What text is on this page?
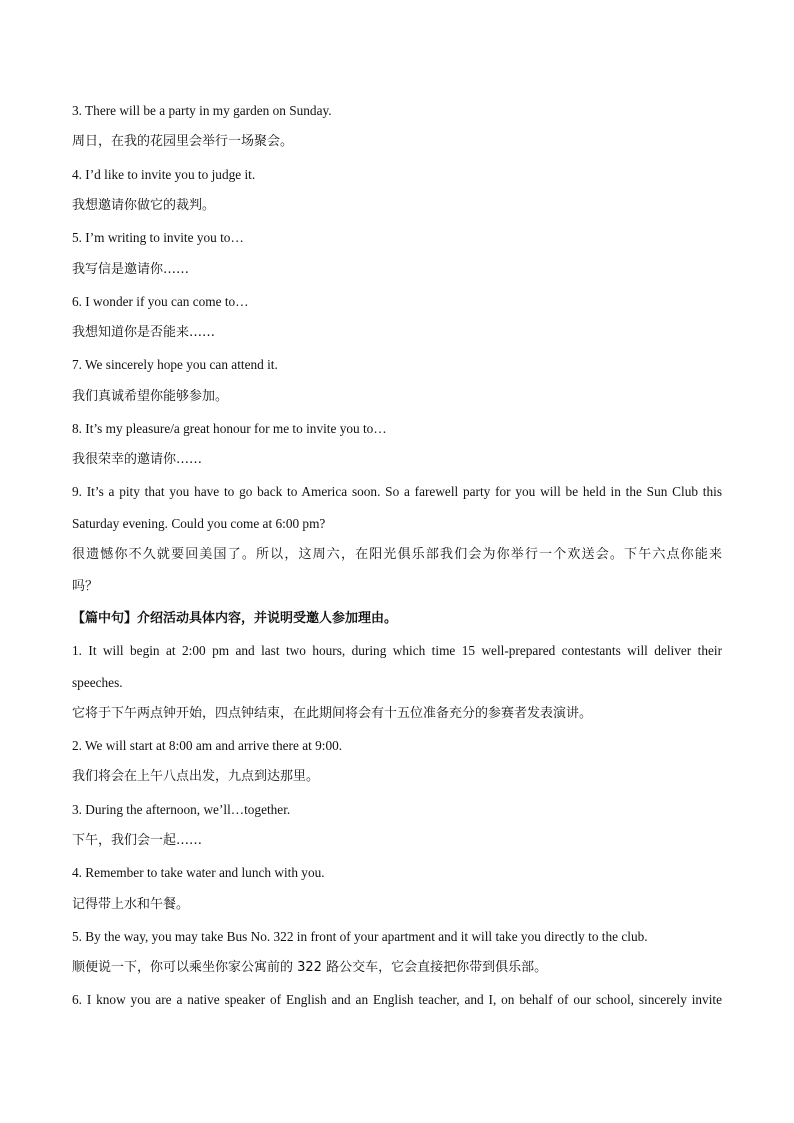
3. There will be a party in my garden on Sunday.
周日，在我的花园里会举行一场聚会。
4. I’d like to invite you to judge it.
我想邀请你做它的裁判。
5. I’m writing to invite you to…
我写信是邀请你……
6. I wonder if you can come to…
我想知道你是否能来……
7. We sincerely hope you can attend it.
我们真诚希望你能够参加。
8. It’s my pleasure/a great honour for me to invite you to…
我很荣幸的邀请你……
9. It’s a pity that you have to go back to America soon. So a farewell party for you will be held in the Sun Club this
Saturday evening. Could you come at 6:00 pm?
很遗憾你不久就要回美国了。所以，这周六，在阳光俱乐部我们会为你举行一个欢送会。下午六点你能来
吗？
【篇中句】介绍活动具体内容，并说明受邀人参加理由。
1. It will begin at 2:00 pm and last two hours, during which time 15 well-prepared contestants will deliver their
speeches.
它将于下午两点钟开始，四点钟结束，在此期间将会有十五位准备充分的参赛者发表演讲。
2. We will start at 8:00 am and arrive there at 9:00.
我们将会在上午八点出发，九点到达那里。
3. During the afternoon, we’ll…together.
下午，我们会一起……
4. Remember to take water and lunch with you.
记得带上水和午餐。
5. By the way, you may take Bus No. 322 in front of your apartment and it will take you directly to the club.
顺便说一下，你可以乘坐你家公寓前的 322 路公交车，它会直接把你带到俱乐部。
6. I know you are a native speaker of English and an English teacher, and I, on behalf of our school, sincerely invite
